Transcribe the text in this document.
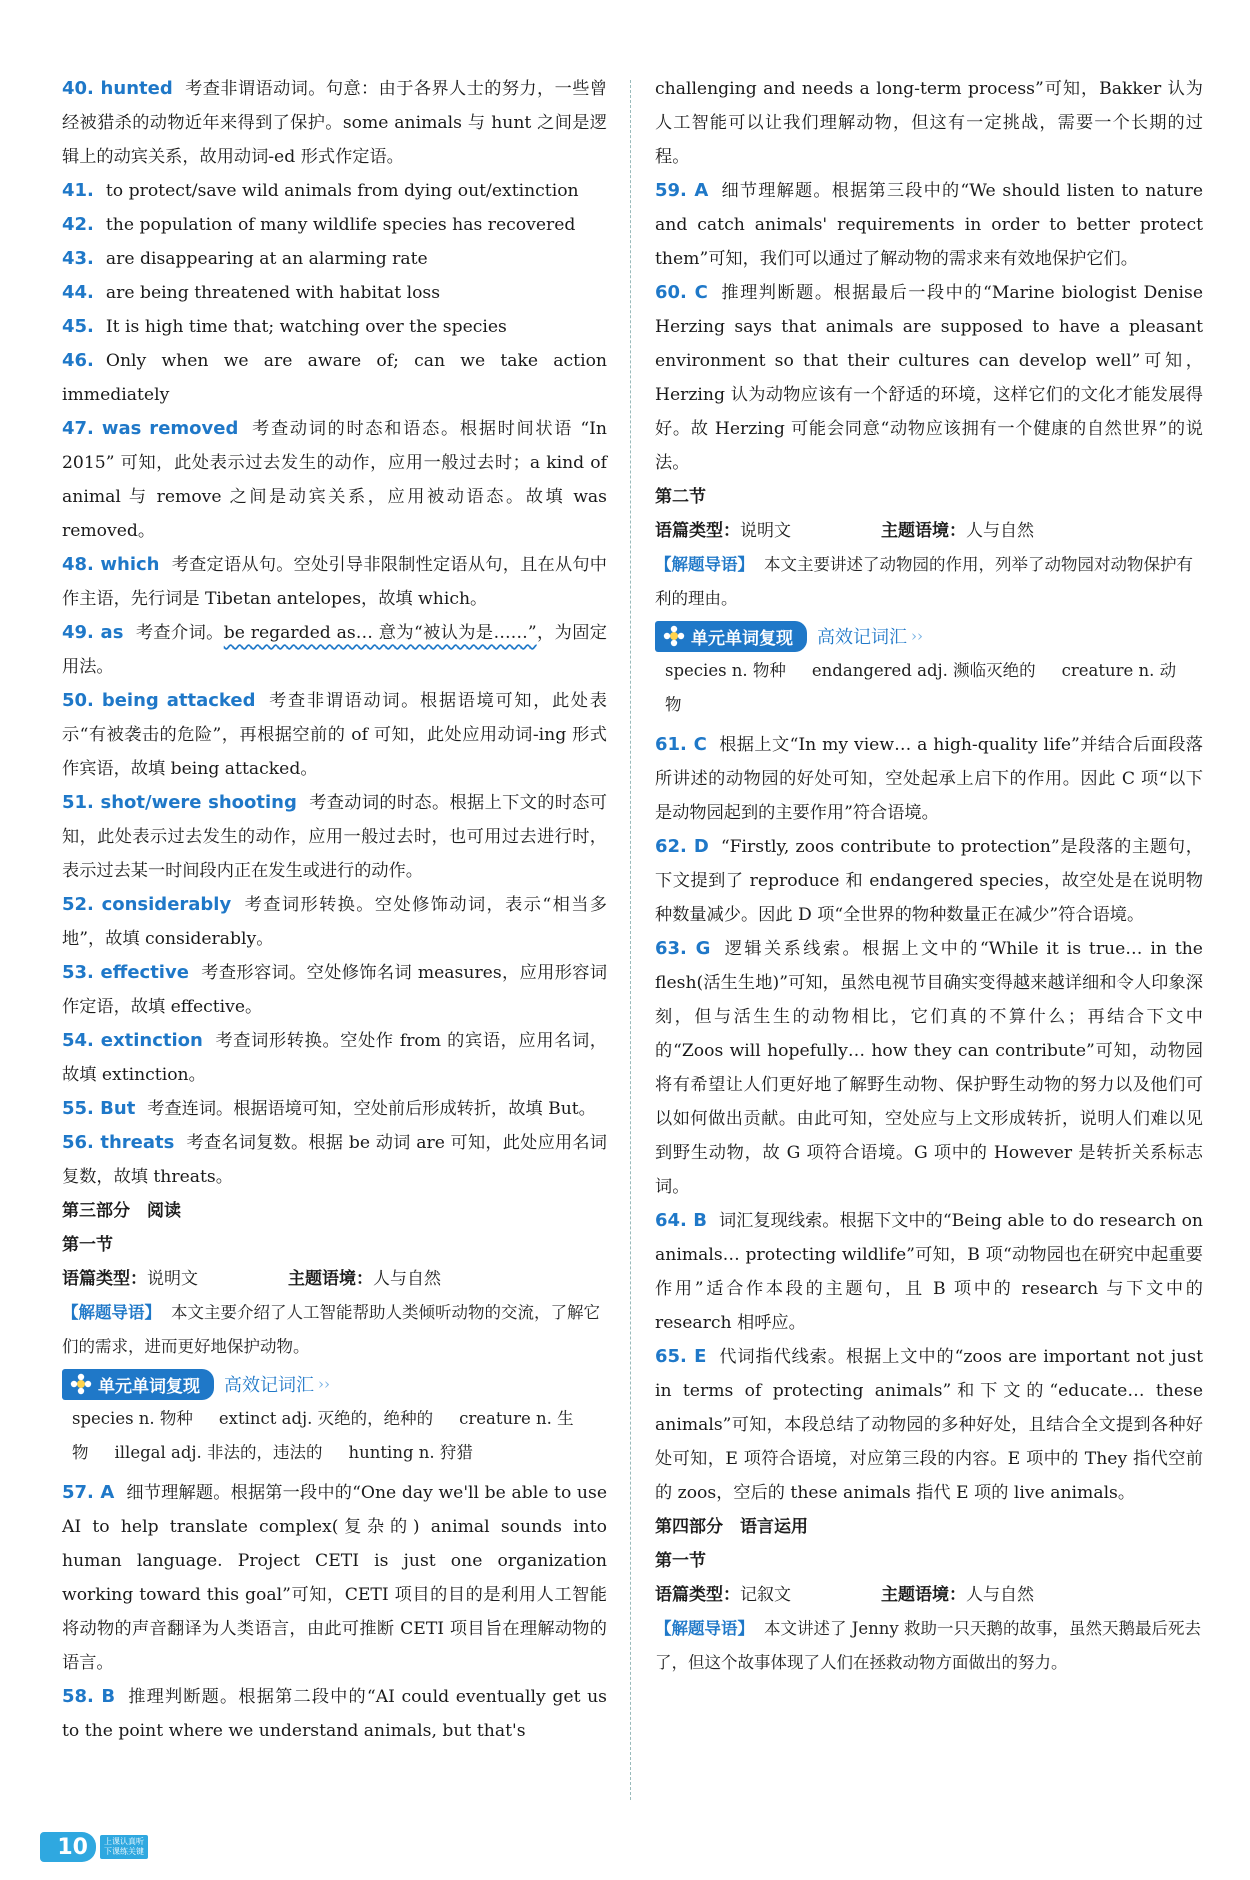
40. hunted 考查非谓语动词。句意：由于各界人士的努力，一些曾经被猎杀的动物近年来得到了保护。some animals 与 hunt 之间是逻辑上的动宾关系，故用动词-ed 形式作定语。

41. to protect/save wild animals from dying out/extinction

42. the population of many wildlife species has recovered

43. are disappearing at an alarming rate

44. are being threatened with habitat loss

45. It is high time that; watching over the species

46. Only when we are aware of; can we take action immediately

47. was removed 考查动词的时态和语态。根据时间状语 “In 2015” 可知，此处表示过去发生的动作，应用一般过去时；a kind of animal 与 remove 之间是动宾关系，应用被动语态。故填 was removed。

48. which 考查定语从句。空处引导非限制性定语从句，且在从句中作主语，先行词是 Tibetan antelopes，故填 which。

49. as 考查介词。be regarded as… 意为“被认为是……”，为固定用法。

50. being attacked 考查非谓语动词。根据语境可知，此处表示“有被袭击的危险”，再根据空前的 of 可知，此处应用动词-ing 形式作宾语，故填 being attacked。

51. shot/were shooting 考查动词的时态。根据上下文的时态可知，此处表示过去发生的动作，应用一般过去时，也可用过去进行时，表示过去某一时间段内正在发生或进行的动作。

52. considerably 考查词形转换。空处修饰动词，表示“相当多地”，故填 considerably。

53. effective 考查形容词。空处修饰名词 measures，应用形容词作定语，故填 effective。

54. extinction 考查词形转换。空处作 from 的宾语，应用名词，故填 extinction。

55. But 考查连词。根据语境可知，空处前后形成转折，故填 But。

56. threats 考查名词复数。根据 be 动词 are 可知，此处应用名词复数，故填 threats。

第三部分　阅读

第一节

语篇类型：说明文	主题语境：人与自然

【解题导语】 本文主要介绍了人工智能帮助人类倾听动物的交流，了解它们的需求，进而更好地保护动物。

单元单词复现 高效记词汇 ››

species n. 物种 extinct adj. 灭绝的，绝种的 creature n. 生物 illegal adj. 非法的，违法的 hunting n. 狩猎

57. A 细节理解题。根据第一段中的“One day we'll be able to use AI to help translate complex(复杂的) animal sounds into human language. Project CETI is just one organization working toward this goal”可知，CETI 项目的目的是利用人工智能将动物的声音翻译为人类语言，由此可推断 CETI 项目旨在理解动物的语言。

58. B 推理判断题。根据第二段中的“AI could eventually get us to the point where we understand animals, but that's

challenging and needs a long-term process”可知，Bakker 认为人工智能可以让我们理解动物，但这有一定挑战，需要一个长期的过程。

59. A 细节理解题。根据第三段中的“We should listen to nature and catch animals' requirements in order to better protect them”可知，我们可以通过了解动物的需求来有效地保护它们。

60. C 推理判断题。根据最后一段中的“Marine biologist Denise Herzing says that animals are supposed to have a pleasant environment so that their cultures can develop well”可知，Herzing 认为动物应该有一个舒适的环境，这样它们的文化才能发展得好。故 Herzing 可能会同意“动物应该拥有一个健康的自然世界”的说法。

第二节

语篇类型：说明文	主题语境：人与自然

【解题导语】 本文主要讲述了动物园的作用，列举了动物园对动物保护有利的理由。

单元单词复现 高效记词汇 ››

species n. 物种 endangered adj. 濒临灭绝的 creature n. 动物

61. C 根据上文“In my view… a high-quality life”并结合后面段落所讲述的动物园的好处可知，空处起承上启下的作用。因此 C 项“以下是动物园起到的主要作用”符合语境。

62. D “Firstly, zoos contribute to protection”是段落的主题句，下文提到了 reproduce 和 endangered species，故空处是在说明物种数量减少。因此 D 项“全世界的物种数量正在减少”符合语境。

63. G 逻辑关系线索。根据上文中的“While it is true… in the flesh(活生生地)”可知，虽然电视节目确实变得越来越详细和令人印象深刻，但与活生生的动物相比，它们真的不算什么；再结合下文中的“Zoos will hopefully… how they can contribute”可知，动物园将有希望让人们更好地了解野生动物、保护野生动物的努力以及他们可以如何做出贡献。由此可知，空处应与上文形成转折，说明人们难以见到野生动物，故 G 项符合语境。G 项中的 However 是转折关系标志词。

64. B 词汇复现线索。根据下文中的“Being able to do research on animals… protecting wildlife”可知，B 项“动物园也在研究中起重要作用”适合作本段的主题句，且 B 项中的 research 与下文中的 research 相呼应。

65. E 代词指代线索。根据上文中的“zoos are important not just in terms of protecting animals”和下文的“educate… these animals”可知，本段总结了动物园的多种好处，且结合全文提到各种好处可知，E 项符合语境，对应第三段的内容。E 项中的 They 指代空前的 zoos，空后的 these animals 指代 E 项的 live animals。

第四部分　语言运用

第一节

语篇类型：记叙文	主题语境：人与自然

【解题导语】 本文讲述了 Jenny 救助一只天鹅的故事，虽然天鹅最后死去了，但这个故事体现了人们在拯救动物方面做出的努力。

10	上课认真听
下课练关键
